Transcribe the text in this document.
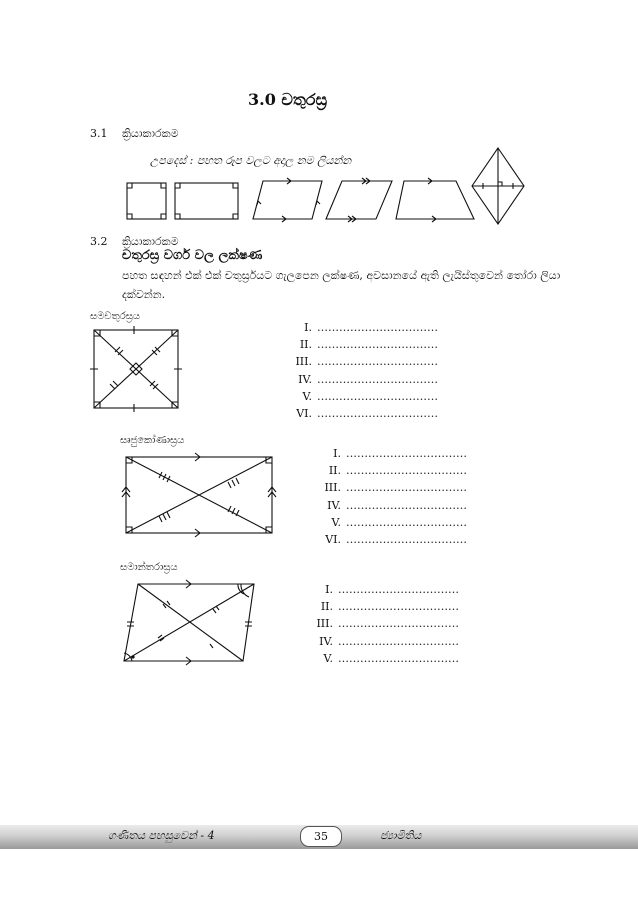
3.0 චතුරස්‍ර
3.1 ක්‍රියාකාරකම
උපදෙස් : පහත රූප වලට අදාල නම ලියන්න
3.2 ක්‍රියාකාරකම
චතුරස්‍ර වර්ග වල ලක්ෂණ
පහත සඳහන් එක් එක් චතුර්ස්‍රයට ගැලපෙන ලක්ෂණ, අවසානයේ ඇති ලැයිස්තුවෙන් තෝරා ලියා දක්වන්න.
සමචතුරස්‍රය
I. ……………………………
II. ……………………………
III. ……………………………
IV. ……………………………
V. ……………………………
VI. ……………………………
සෘජුකෝණාස්‍රය
I. ……………………………
II. ……………………………
III. ……………………………
IV. ……………………………
V. ……………………………
VI. ……………………………
සමාන්තරාස්‍රය
I. ……………………………
II. ……………………………
III. ……………………………
IV. ……………………………
V. ……………………………
ගණිතය පහසුවෙන් - 4	35	ජ්‍යාමිතිය
